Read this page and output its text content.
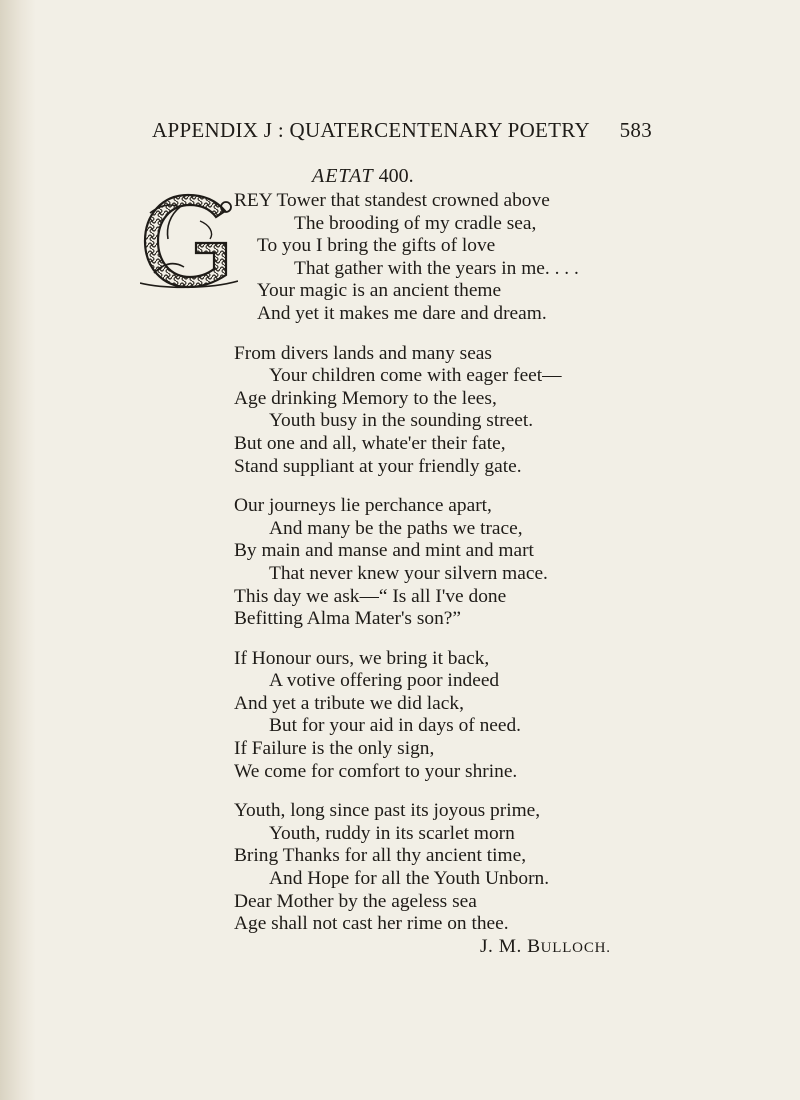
APPENDIX J : QUATERCENTENARY POETRY 583
AETAT 400.
REY Tower that standest crowned above
The brooding of my cradle sea,
To you I bring the gifts of love
That gather with the years in me. . . .
Your magic is an ancient theme
And yet it makes me dare and dream.
From divers lands and many seas
Your children come with eager feet—
Age drinking Memory to the lees,
Youth busy in the sounding street.
But one and all, whate'er their fate,
Stand suppliant at your friendly gate.
Our journeys lie perchance apart,
And many be the paths we trace,
By main and manse and mint and mart
That never knew your silvern mace.
This day we ask—“ Is all I've done
Befitting Alma Mater's son?”
If Honour ours, we bring it back,
A votive offering poor indeed
And yet a tribute we did lack,
But for your aid in days of need.
If Failure is the only sign,
We come for comfort to your shrine.
Youth, long since past its joyous prime,
Youth, ruddy in its scarlet morn
Bring Thanks for all thy ancient time,
And Hope for all the Youth Unborn.
Dear Mother by the ageless sea
Age shall not cast her rime on thee.
J. M. BULLOCH.
